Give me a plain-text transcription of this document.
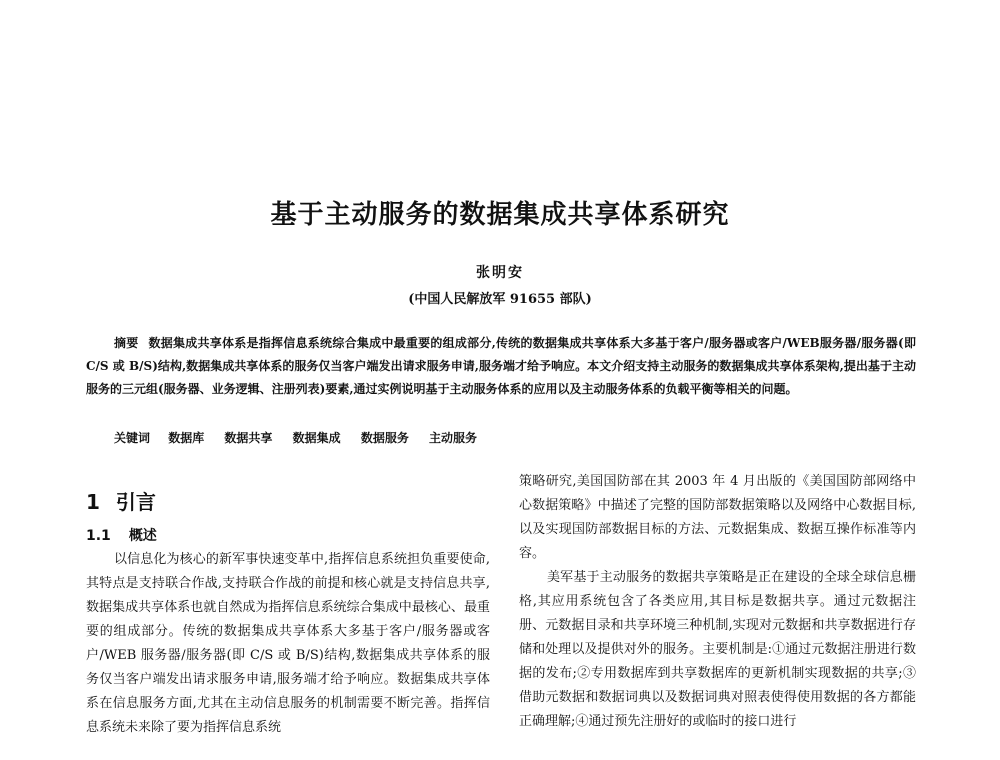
基于主动服务的数据集成共享体系研究
张明安
(中国人民解放军 91655 部队)
摘要 数据集成共享体系是指挥信息系统综合集成中最重要的组成部分,传统的数据集成共享体系大多基于客户/服务器或客户/WEB服务器/服务器(即 C/S 或 B/S)结构,数据集成共享体系的服务仅当客户端发出请求服务申请,服务端才给予响应。本文介绍支持主动服务的数据集成共享体系架构,提出基于主动服务的三元组(服务器、业务逻辑、注册列表)要素,通过实例说明基于主动服务体系的应用以及主动服务体系的负载平衡等相关的问题。
关键词 数据库 数据共享 数据集成 数据服务 主动服务
1 引言
1.1 概述

以信息化为核心的新军事快速变革中,指挥信息系统担负重要使命,其特点是支持联合作战,支持联合作战的前提和核心就是支持信息共享,数据集成共享体系也就自然成为指挥信息系统综合集成中最核心、最重要的组成部分。传统的数据集成共享体系大多基于客户/服务器或客户/WEB 服务器/服务器(即 C/S 或 B/S)结构,数据集成共享体系的服务仅当客户端发出请求服务申请,服务端才给予响应。数据集成共享体系在信息服务方面,尤其在主动信息服务的机制需要不断完善。指挥信息系统未来除了要为指挥信息系统

策略研究,美国国防部在其 2003 年 4 月出版的《美国国防部网络中心数据策略》中描述了完整的国防部数据策略以及网络中心数据目标,以及实现国防部数据目标的方法、元数据集成、数据互操作标准等内容。

美军基于主动服务的数据共享策略是正在建设的全球全球信息栅格,其应用系统包含了各类应用,其目标是数据共享。通过元数据注册、元数据目录和共享环境三种机制,实现对元数据和共享数据进行存储和处理以及提供对外的服务。主要机制是:①通过元数据注册进行数据的发布;②专用数据库到共享数据库的更新机制实现数据的共享;③借助元数据和数据词典以及数据词典对照表使得使用数据的各方都能正确理解;④通过预先注册好的或临时的接口进行
